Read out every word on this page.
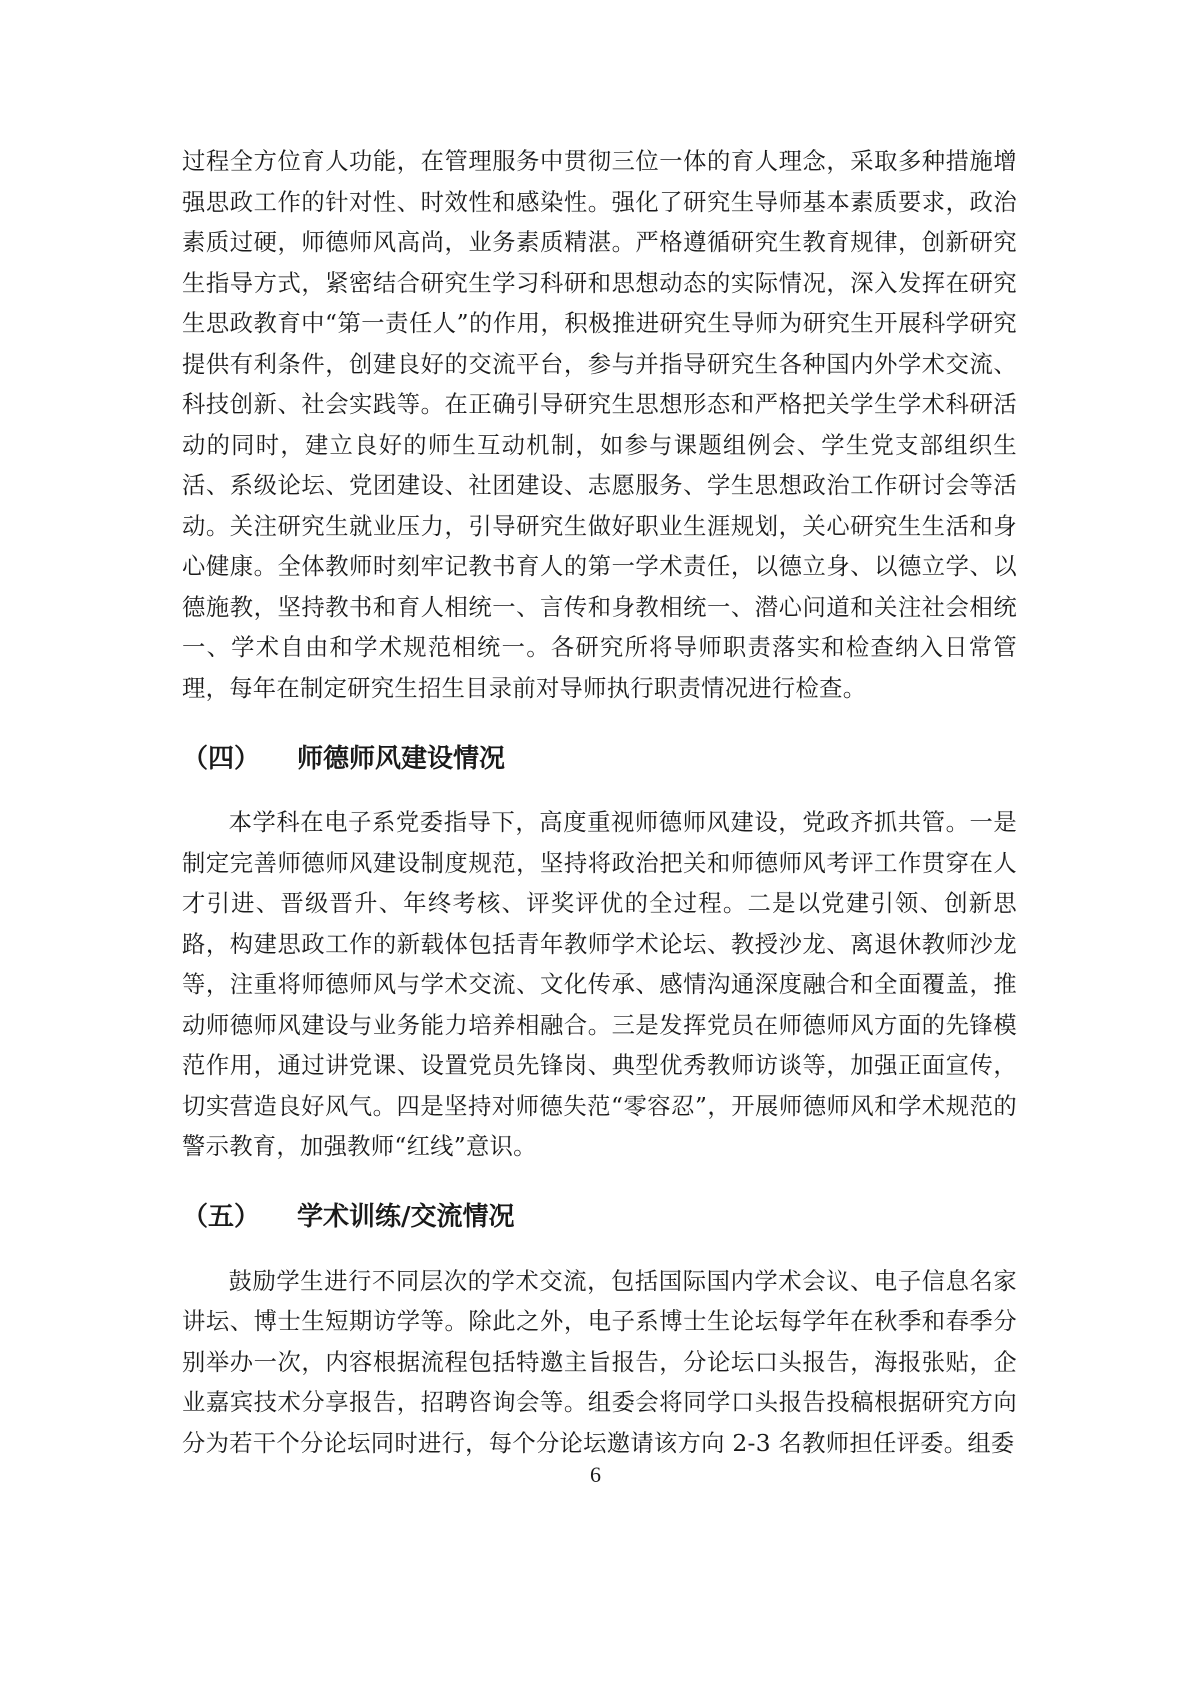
过程全方位育人功能，在管理服务中贯彻三位一体的育人理念，采取多种措施增强思政工作的针对性、时效性和感染性。强化了研究生导师基本素质要求，政治素质过硬，师德师风高尚，业务素质精湛。严格遵循研究生教育规律，创新研究生指导方式，紧密结合研究生学习科研和思想动态的实际情况，深入发挥在研究生思政教育中“第一责任人”的作用，积极推进研究生导师为研究生开展科学研究提供有利条件，创建良好的交流平台，参与并指导研究生各种国内外学术交流、科技创新、社会实践等。在正确引导研究生思想形态和严格把关学生学术科研活动的同时，建立良好的师生互动机制，如参与课题组例会、学生党支部组织生活、系级论坛、党团建设、社团建设、志愿服务、学生思想政治工作研讨会等活动。关注研究生就业压力，引导研究生做好职业生涯规划，关心研究生生活和身心健康。全体教师时刻牢记教书育人的第一学术责任，以德立身、以德立学、以德施教，坚持教书和育人相统一、言传和身教相统一、潜心问道和关注社会相统一、学术自由和学术规范相统一。各研究所将导师职责落实和检查纳入日常管理，每年在制定研究生招生目录前对导师执行职责情况进行检查。

（四）	师德师风建设情况

本学科在电子系党委指导下，高度重视师德师风建设，党政齐抓共管。一是制定完善师德师风建设制度规范，坚持将政治把关和师德师风考评工作贯穿在人才引进、晋级晋升、年终考核、评奖评优的全过程。二是以党建引领、创新思路，构建思政工作的新载体包括青年教师学术论坛、教授沙龙、离退休教师沙龙等，注重将师德师风与学术交流、文化传承、感情沟通深度融合和全面覆盖，推动师德师风建设与业务能力培养相融合。三是发挥党员在师德师风方面的先锋模范作用，通过讲党课、设置党员先锋岗、典型优秀教师访谈等，加强正面宣传，切实营造良好风气。四是坚持对师德失范“零容忍”，开展师德师风和学术规范的警示教育，加强教师“红线”意识。

（五）	学术训练/交流情况

鼓励学生进行不同层次的学术交流，包括国际国内学术会议、电子信息名家讲坛、博士生短期访学等。除此之外，电子系博士生论坛每学年在秋季和春季分别举办一次，内容根据流程包括特邀主旨报告，分论坛口头报告，海报张贴，企业嘉宾技术分享报告，招聘咨询会等。组委会将同学口头报告投稿根据研究方向分为若干个分论坛同时进行，每个分论坛邀请该方向 2-3 名教师担任评委。组委

6
